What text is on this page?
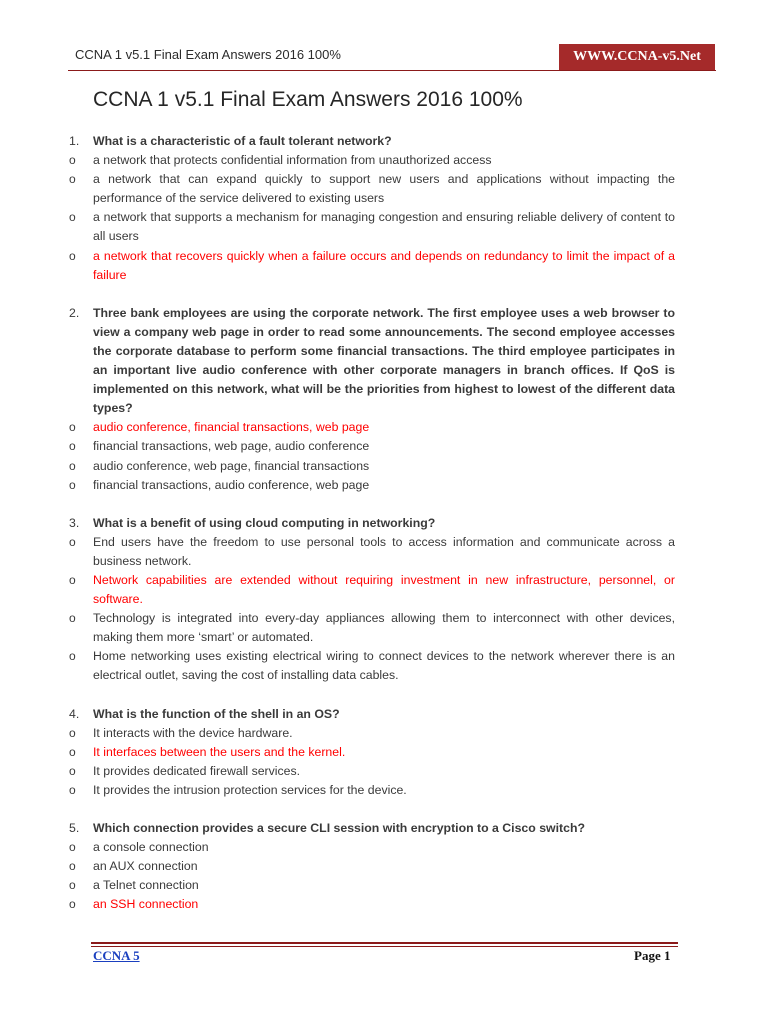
CCNA 1 v5.1 Final Exam Answers 2016 100%	WWW.CCNA-v5.Net
CCNA 1 v5.1 Final Exam Answers 2016 100%
1. What is a characteristic of a fault tolerant network?
o a network that protects confidential information from unauthorized access
o a network that can expand quickly to support new users and applications without impacting the performance of the service delivered to existing users
o a network that supports a mechanism for managing congestion and ensuring reliable delivery of content to all users
o a network that recovers quickly when a failure occurs and depends on redundancy to limit the impact of a failure
2. Three bank employees are using the corporate network. The first employee uses a web browser to view a company web page in order to read some announcements. The second employee accesses the corporate database to perform some financial transactions. The third employee participates in an important live audio conference with other corporate managers in branch offices. If QoS is implemented on this network, what will be the priorities from highest to lowest of the different data types?
o audio conference, financial transactions, web page
o financial transactions, web page, audio conference
o audio conference, web page, financial transactions
o financial transactions, audio conference, web page
3. What is a benefit of using cloud computing in networking?
o End users have the freedom to use personal tools to access information and communicate across a business network.
o Network capabilities are extended without requiring investment in new infrastructure, personnel, or software.
o Technology is integrated into every-day appliances allowing them to interconnect with other devices, making them more ‘smart’ or automated.
o Home networking uses existing electrical wiring to connect devices to the network wherever there is an electrical outlet, saving the cost of installing data cables.
4. What is the function of the shell in an OS?
o It interacts with the device hardware.
o It interfaces between the users and the kernel.
o It provides dedicated firewall services.
o It provides the intrusion protection services for the device.
5. Which connection provides a secure CLI session with encryption to a Cisco switch?
o a console connection
o an AUX connection
o a Telnet connection
o an SSH connection
CCNA 5	Page 1
